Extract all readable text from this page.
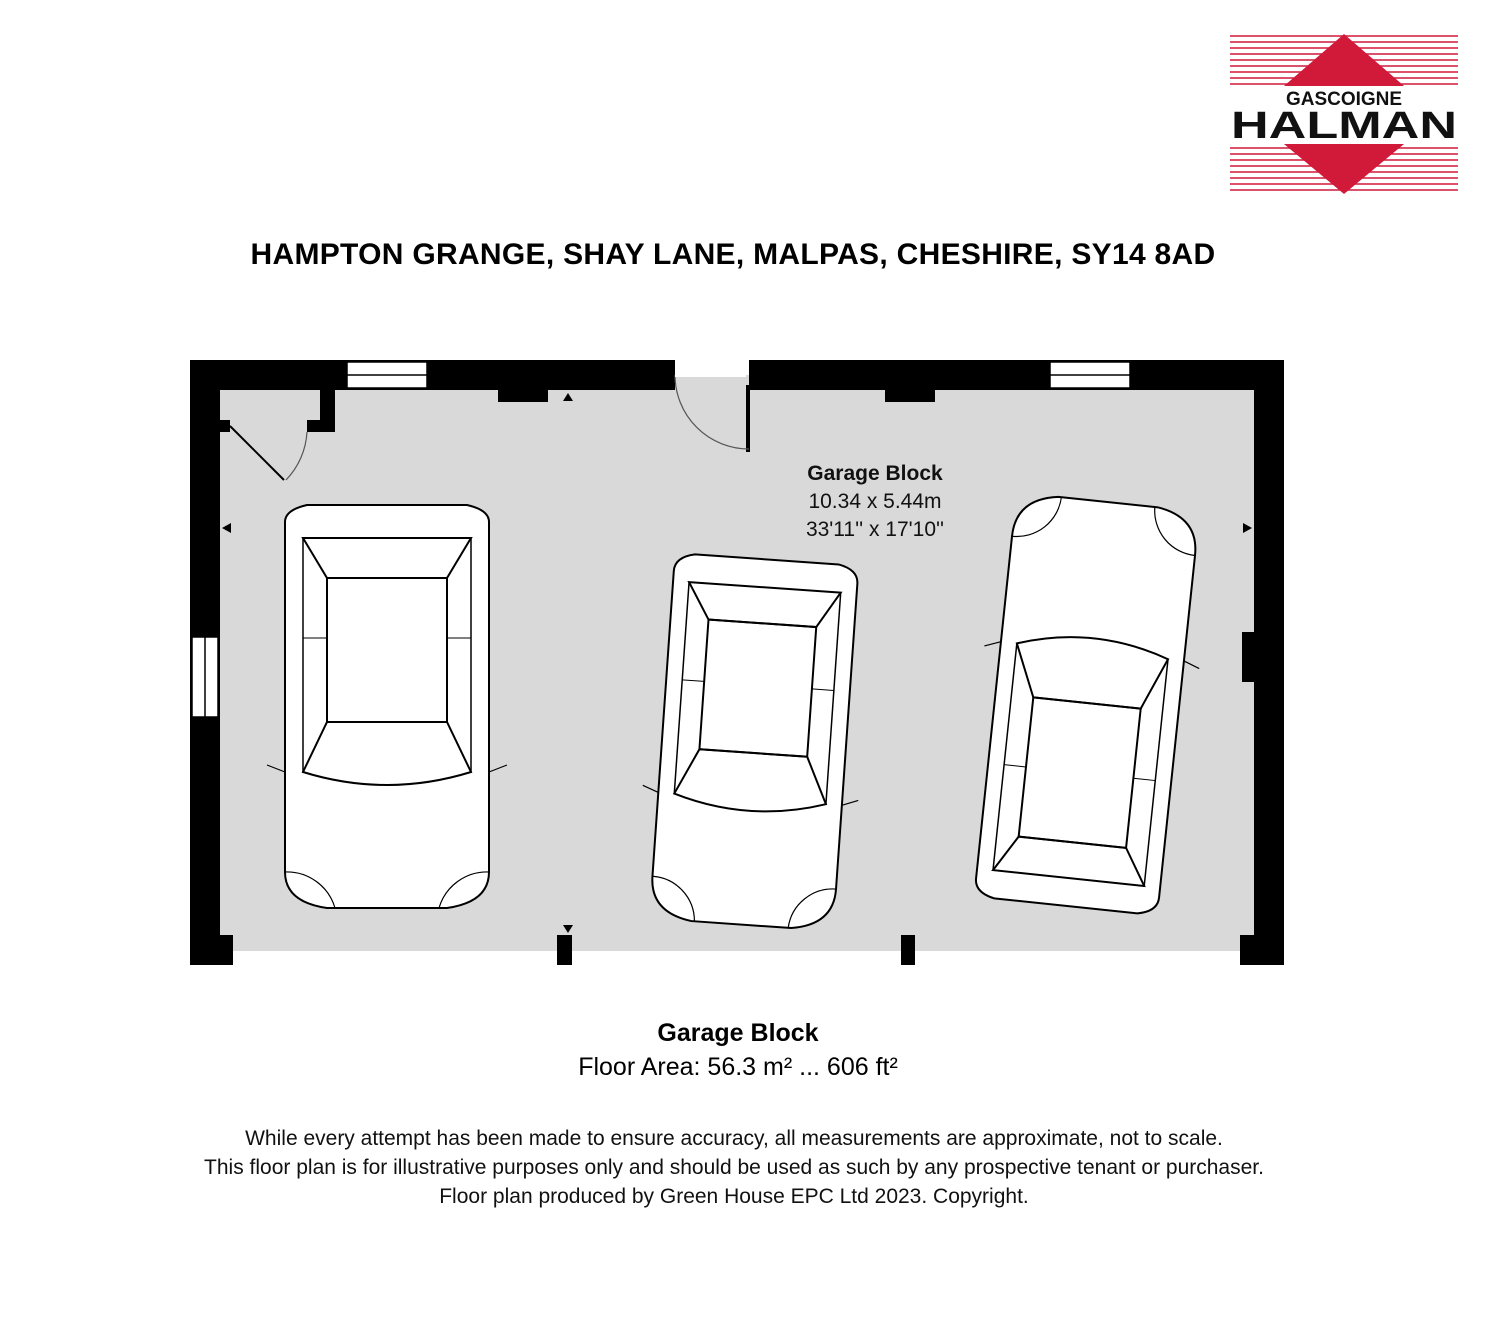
GASCOIGNE
HALMAN
HAMPTON GRANGE, SHAY LANE, MALPAS, CHESHIRE, SY14 8AD
Garage Block
10.34 x 5.44m
33'11'' x 17'10''
Garage Block
Floor Area: 56.3 m² ... 606 ft²
While every attempt has been made to ensure accuracy, all measurements are approximate, not to scale.
This floor plan is for illustrative purposes only and should be used as such by any prospective tenant or purchaser.
Floor plan produced by Green House EPC Ltd 2023. Copyright.
